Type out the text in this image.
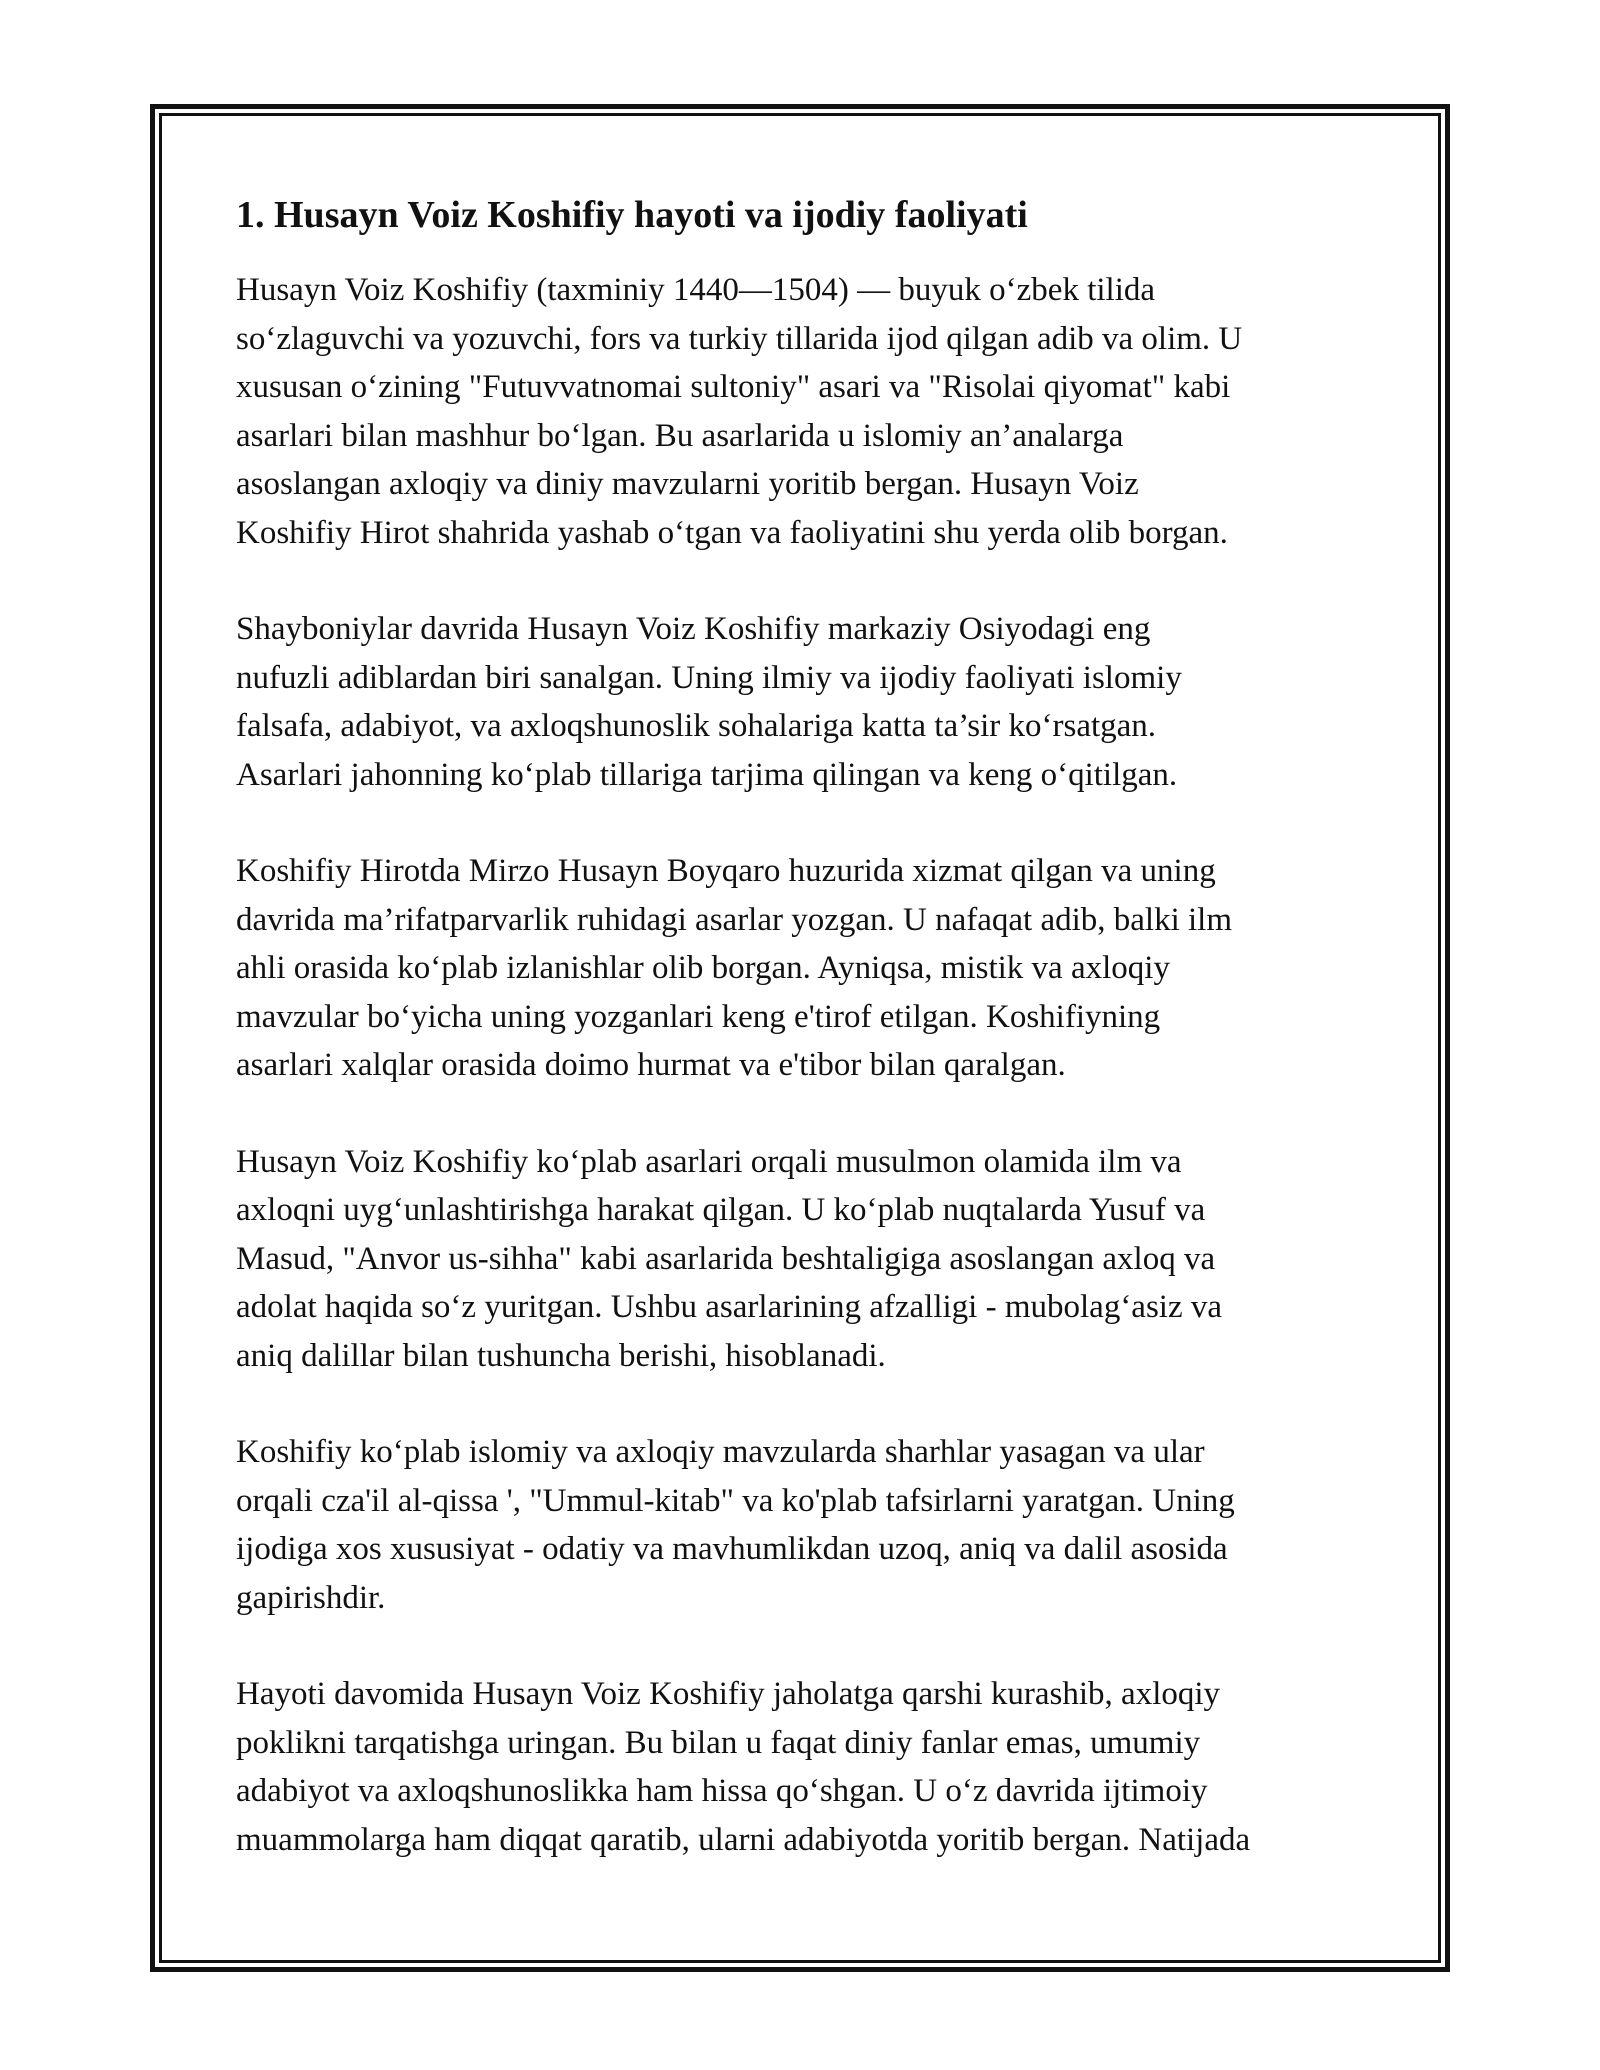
1. Husayn Voiz Koshifiy hayoti va ijodiy faoliyati
Husayn Voiz Koshifiy (taxminiy 1440—1504) — buyuk oʻzbek tilida
soʻzlaguvchi va yozuvchi, fors va turkiy tillarida ijod qilgan adib va olim. U
xususan oʻzining "Futuvvatnomai sultoniy" asari va "Risolai qiyomat" kabi
asarlari bilan mashhur boʻlgan. Bu asarlarida u islomiy an’analarga
asoslangan axloqiy va diniy mavzularni yoritib bergan. Husayn Voiz
Koshifiy Hirot shahrida yashab oʻtgan va faoliyatini shu yerda olib borgan.
Shayboniylar davrida Husayn Voiz Koshifiy markaziy Osiyodagi eng
nufuzli adiblardan biri sanalgan. Uning ilmiy va ijodiy faoliyati islomiy
falsafa, adabiyot, va axloqshunoslik sohalariga katta ta’sir koʻrsatgan.
Asarlari jahonning koʻplab tillariga tarjima qilingan va keng oʻqitilgan.
Koshifiy Hirotda Mirzo Husayn Boyqaro huzurida xizmat qilgan va uning
davrida ma’rifatparvarlik ruhidagi asarlar yozgan. U nafaqat adib, balki ilm
ahli orasida koʻplab izlanishlar olib borgan. Ayniqsa, mistik va axloqiy
mavzular boʻyicha uning yozganlari keng e'tirof etilgan. Koshifiyning
asarlari xalqlar orasida doimo hurmat va e'tibor bilan qaralgan.
Husayn Voiz Koshifiy koʻplab asarlari orqali musulmon olamida ilm va
axloqni uygʻunlashtirishga harakat qilgan. U koʻplab nuqtalarda Yusuf va
Masud, "Anvor us-sihha" kabi asarlarida beshtaligiga asoslangan axloq va
adolat haqida soʻz yuritgan. Ushbu asarlarining afzalligi - mubolagʻasiz va
aniq dalillar bilan tushuncha berishi, hisoblanadi.
Koshifiy koʻplab islomiy va axloqiy mavzularda sharhlar yasagan va ular
orqali cza'il al-qissa ', "Ummul-kitab" va ko'plab tafsirlarni yaratgan. Uning
ijodiga xos xususiyat - odatiy va mavhumlikdan uzoq, aniq va dalil asosida
gapirishdir.
Hayoti davomida Husayn Voiz Koshifiy jaholatga qarshi kurashib, axloqiy
poklikni tarqatishga uringan. Bu bilan u faqat diniy fanlar emas, umumiy
adabiyot va axloqshunoslikka ham hissa qoʻshgan. U oʻz davrida ijtimoiy
muammolarga ham diqqat qaratib, ularni adabiyotda yoritib bergan. Natijada
